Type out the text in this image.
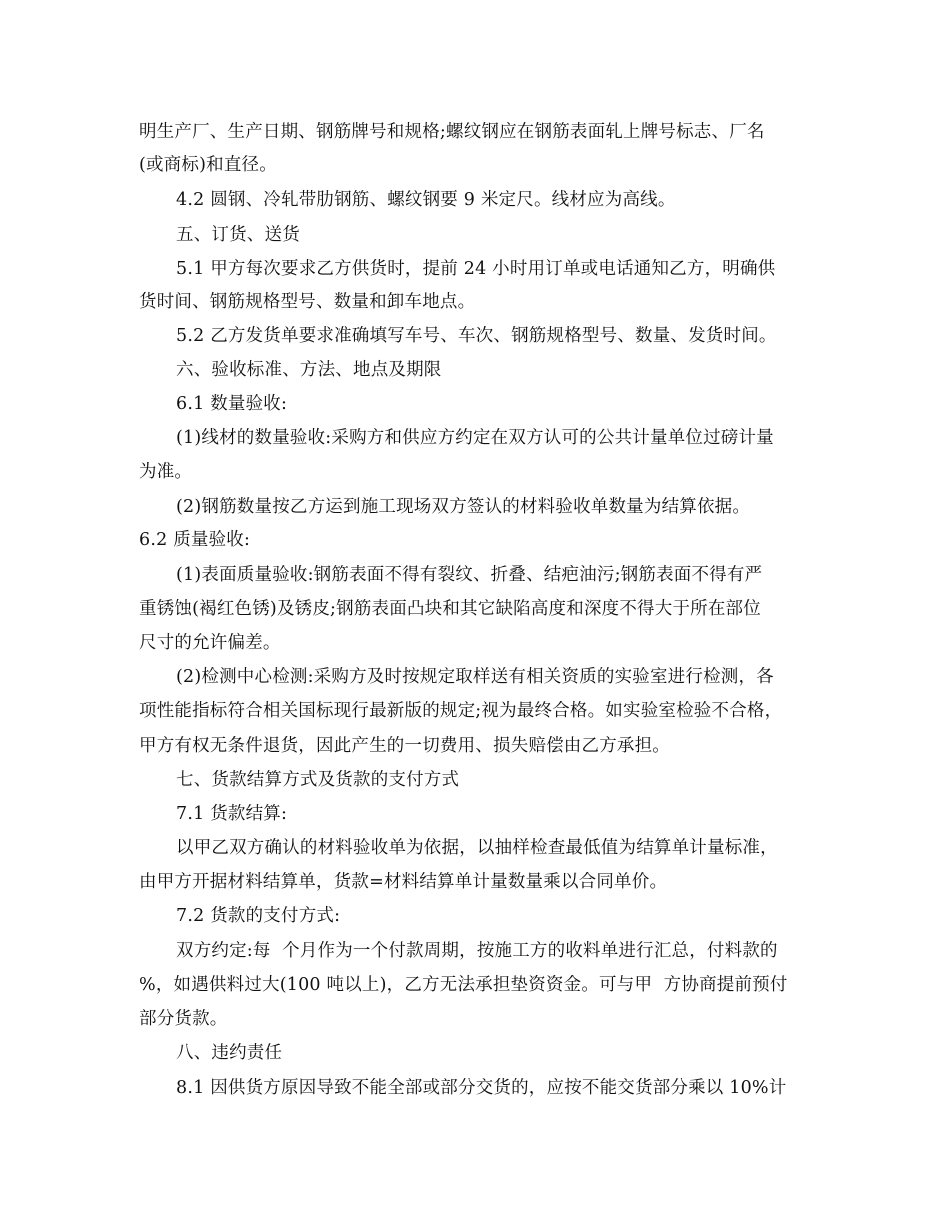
明生产厂、生产日期、钢筋牌号和规格;螺纹钢应在钢筋表面轧上牌号标志、厂名
(或商标)和直径。
4.2 圆钢、冷轧带肋钢筋、螺纹钢要 9 米定尺。线材应为高线。
五、订货、送货
5.1 甲方每次要求乙方供货时，提前 24 小时用订单或电话通知乙方，明确供
货时间、钢筋规格型号、数量和卸车地点。
5.2 乙方发货单要求准确填写车号、车次、钢筋规格型号、数量、发货时间。
六、验收标准、方法、地点及期限
6.1 数量验收:
(1)线材的数量验收:采购方和供应方约定在双方认可的公共计量单位过磅计量
为准。
(2)钢筋数量按乙方运到施工现场双方签认的材料验收单数量为结算依据。
6.2 质量验收:
(1)表面质量验收:钢筋表面不得有裂纹、折叠、结疤油污;钢筋表面不得有严
重锈蚀(褐红色锈)及锈皮;钢筋表面凸块和其它缺陷高度和深度不得大于所在部位
尺寸的允许偏差。
(2)检测中心检测:采购方及时按规定取样送有相关资质的实验室进行检测，各
项性能指标符合相关国标现行最新版的规定;视为最终合格。如实验室检验不合格，
甲方有权无条件退货，因此产生的一切费用、损失赔偿由乙方承担。
七、货款结算方式及货款的支付方式
7.1 货款结算:
以甲乙双方确认的材料验收单为依据，以抽样检查最低值为结算单计量标准，
由甲方开据材料结算单，货款=材料结算单计量数量乘以合同单价。
7.2 货款的支付方式:
双方约定:每  个月作为一个付款周期，按施工方的收料单进行汇总，付料款的
%，如遇供料过大(100 吨以上)，乙方无法承担垫资资金。可与甲  方协商提前预付
部分货款。
八、违约责任
8.1 因供货方原因导致不能全部或部分交货的，应按不能交货部分乘以 10%计
